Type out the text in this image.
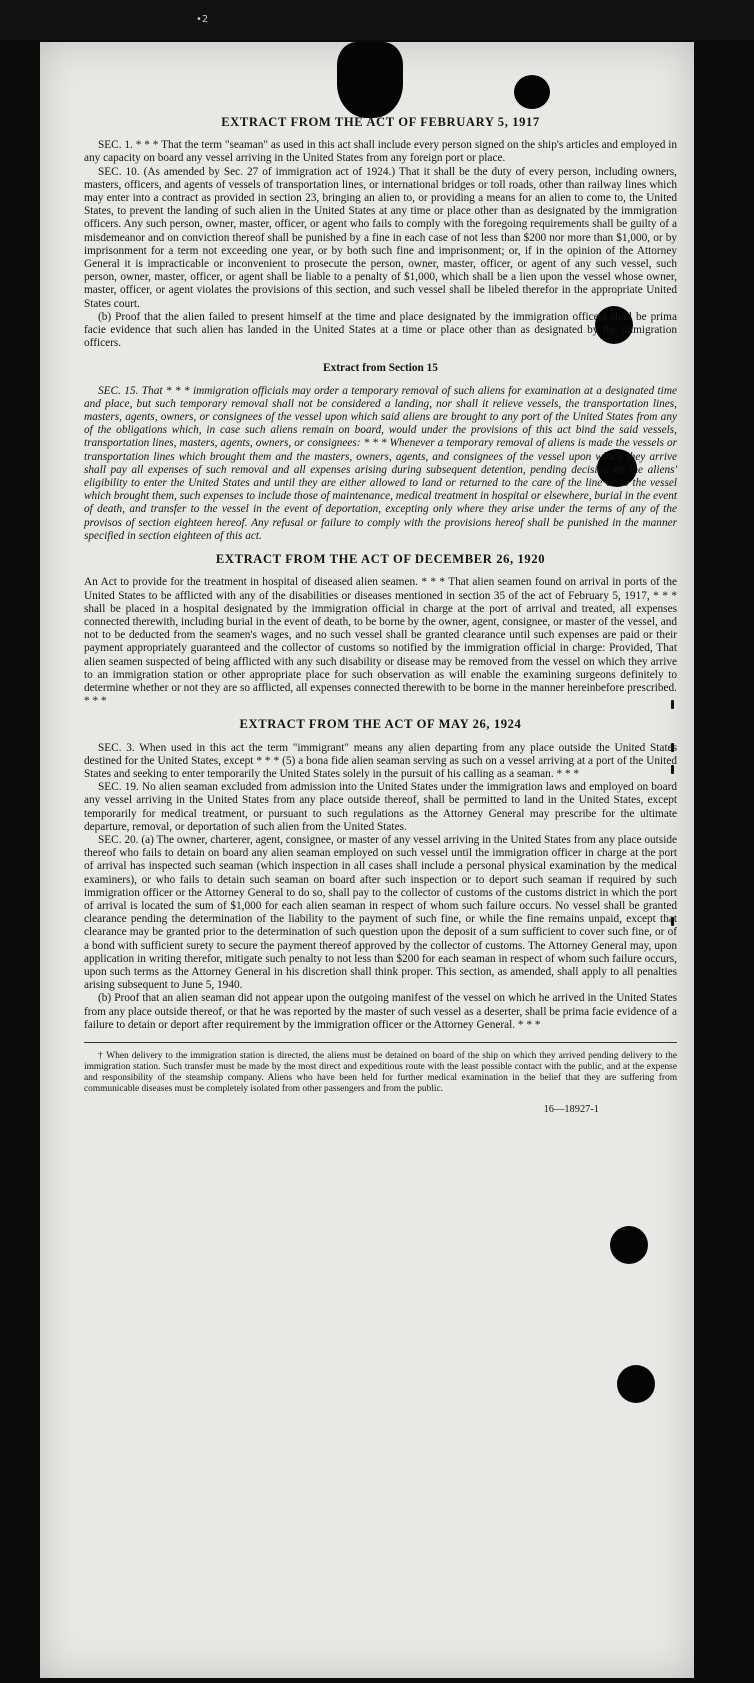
•2
EXTRACT FROM THE ACT OF FEBRUARY 5, 1917

SEC. 1. * * * That the term "seaman" as used in this act shall include every person signed on the ship's articles and employed in any capacity on board any vessel arriving in the United States from any foreign port or place.

SEC. 10. (As amended by Sec. 27 of immigration act of 1924.) That it shall be the duty of every person, including owners, masters, officers, and agents of vessels of transportation lines, or international bridges or toll roads, other than railway lines which may enter into a contract as provided in section 23, bringing an alien to, or providing a means for an alien to come to, the United States, to prevent the landing of such alien in the United States at any time or place other than as designated by the immigration officers. Any such person, owner, master, officer, or agent who fails to comply with the foregoing requirements shall be guilty of a misdemeanor and on conviction thereof shall be punished by a fine in each case of not less than $200 nor more than $1,000, or by imprisonment for a term not exceeding one year, or by both such fine and imprisonment; or, if in the opinion of the Attorney General it is impracticable or inconvenient to prosecute the person, owner, master, officer, or agent of any such vessel, such person, owner, master, officer, or agent shall be liable to a penalty of $1,000, which shall be a lien upon the vessel whose owner, master, officer, or agent violates the provisions of this section, and such vessel shall be libeled therefor in the appropriate United States court.

(b) Proof that the alien failed to present himself at the time and place designated by the immigration officers shall be prima facie evidence that such alien has landed in the United States at a time or place other than as designated by the immigration officers.

Extract from Section 15

SEC. 15. That * * * immigration officials may order a temporary removal of such aliens for examination at a designated time and place, but such temporary removal shall not be considered a landing, nor shall it relieve vessels, the transportation lines, masters, agents, owners, or consignees of the vessel upon which said aliens are brought to any port of the United States from any of the obligations which, in case such aliens remain on board, would under the provisions of this act bind the said vessels, transportation lines, masters, agents, owners, or consignees: * * * Whenever a temporary removal of aliens is made the vessels or transportation lines which brought them and the masters, owners, agents, and consignees of the vessel upon which they arrive shall pay all expenses of such removal and all expenses arising during subsequent detention, pending decision on the aliens' eligibility to enter the United States and until they are either allowed to land or returned to the care of the line or to the vessel which brought them, such expenses to include those of maintenance, medical treatment in hospital or elsewhere, burial in the event of death, and transfer to the vessel in the event of deportation, excepting only where they arise under the terms of any of the provisos of section eighteen hereof. Any refusal or failure to comply with the provisions hereof shall be punished in the manner specified in section eighteen of this act.

EXTRACT FROM THE ACT OF DECEMBER 26, 1920

An Act to provide for the treatment in hospital of diseased alien seamen. * * * That alien seamen found on arrival in ports of the United States to be afflicted with any of the disabilities or diseases mentioned in section 35 of the act of February 5, 1917, * * * shall be placed in a hospital designated by the immigration official in charge at the port of arrival and treated, all expenses connected therewith, including burial in the event of death, to be borne by the owner, agent, consignee, or master of the vessel, and not to be deducted from the seamen's wages, and no such vessel shall be granted clearance until such expenses are paid or their payment appropriately guaranteed and the collector of customs so notified by the immigration official in charge: Provided, That alien seamen suspected of being afflicted with any such disability or disease may be removed from the vessel on which they arrive to an immigration station or other appropriate place for such observation as will enable the examining surgeons definitely to determine whether or not they are so afflicted, all expenses connected therewith to be borne in the manner hereinbefore prescribed. * * *

EXTRACT FROM THE ACT OF MAY 26, 1924

SEC. 3. When used in this act the term "immigrant" means any alien departing from any place outside the United States destined for the United States, except * * * (5) a bona fide alien seaman serving as such on a vessel arriving at a port of the United States and seeking to enter temporarily the United States solely in the pursuit of his calling as a seaman. * * *

SEC. 19. No alien seaman excluded from admission into the United States under the immigration laws and employed on board any vessel arriving in the United States from any place outside thereof, shall be permitted to land in the United States, except temporarily for medical treatment, or pursuant to such regulations as the Attorney General may prescribe for the ultimate departure, removal, or deportation of such alien from the United States.

SEC. 20. (a) The owner, charterer, agent, consignee, or master of any vessel arriving in the United States from any place outside thereof who fails to detain on board any alien seaman employed on such vessel until the immigration officer in charge at the port of arrival has inspected such seaman (which inspection in all cases shall include a personal physical examination by the medical examiners), or who fails to detain such seaman on board after such inspection or to deport such seaman if required by such immigration officer or the Attorney General to do so, shall pay to the collector of customs of the customs district in which the port of arrival is located the sum of $1,000 for each alien seaman in respect of whom such failure occurs. No vessel shall be granted clearance pending the determination of the liability to the payment of such fine, or while the fine remains unpaid, except that clearance may be granted prior to the determination of such question upon the deposit of a sum sufficient to cover such fine, or of a bond with sufficient surety to secure the payment thereof approved by the collector of customs. The Attorney General may, upon application in writing therefor, mitigate such penalty to not less than $200 for each seaman in respect of whom such failure occurs, upon such terms as the Attorney General in his discretion shall think proper. This section, as amended, shall apply to all penalties arising subsequent to June 5, 1940.

(b) Proof that an alien seaman did not appear upon the outgoing manifest of the vessel on which he arrived in the United States from any place outside thereof, or that he was reported by the master of such vessel as a deserter, shall be prima facie evidence of a failure to detain or deport after requirement by the immigration officer or the Attorney General. * * *

† When delivery to the immigration station is directed, the aliens must be detained on board of the ship on which they arrived pending delivery to the immigration station. Such transfer must be made by the most direct and expeditious route with the least possible contact with the public, and at the expense and responsibility of the steamship company. Aliens who have been held for further medical examination in the belief that they are suffering from communicable diseases must be completely isolated from other passengers and from the public.
16—18927-1
